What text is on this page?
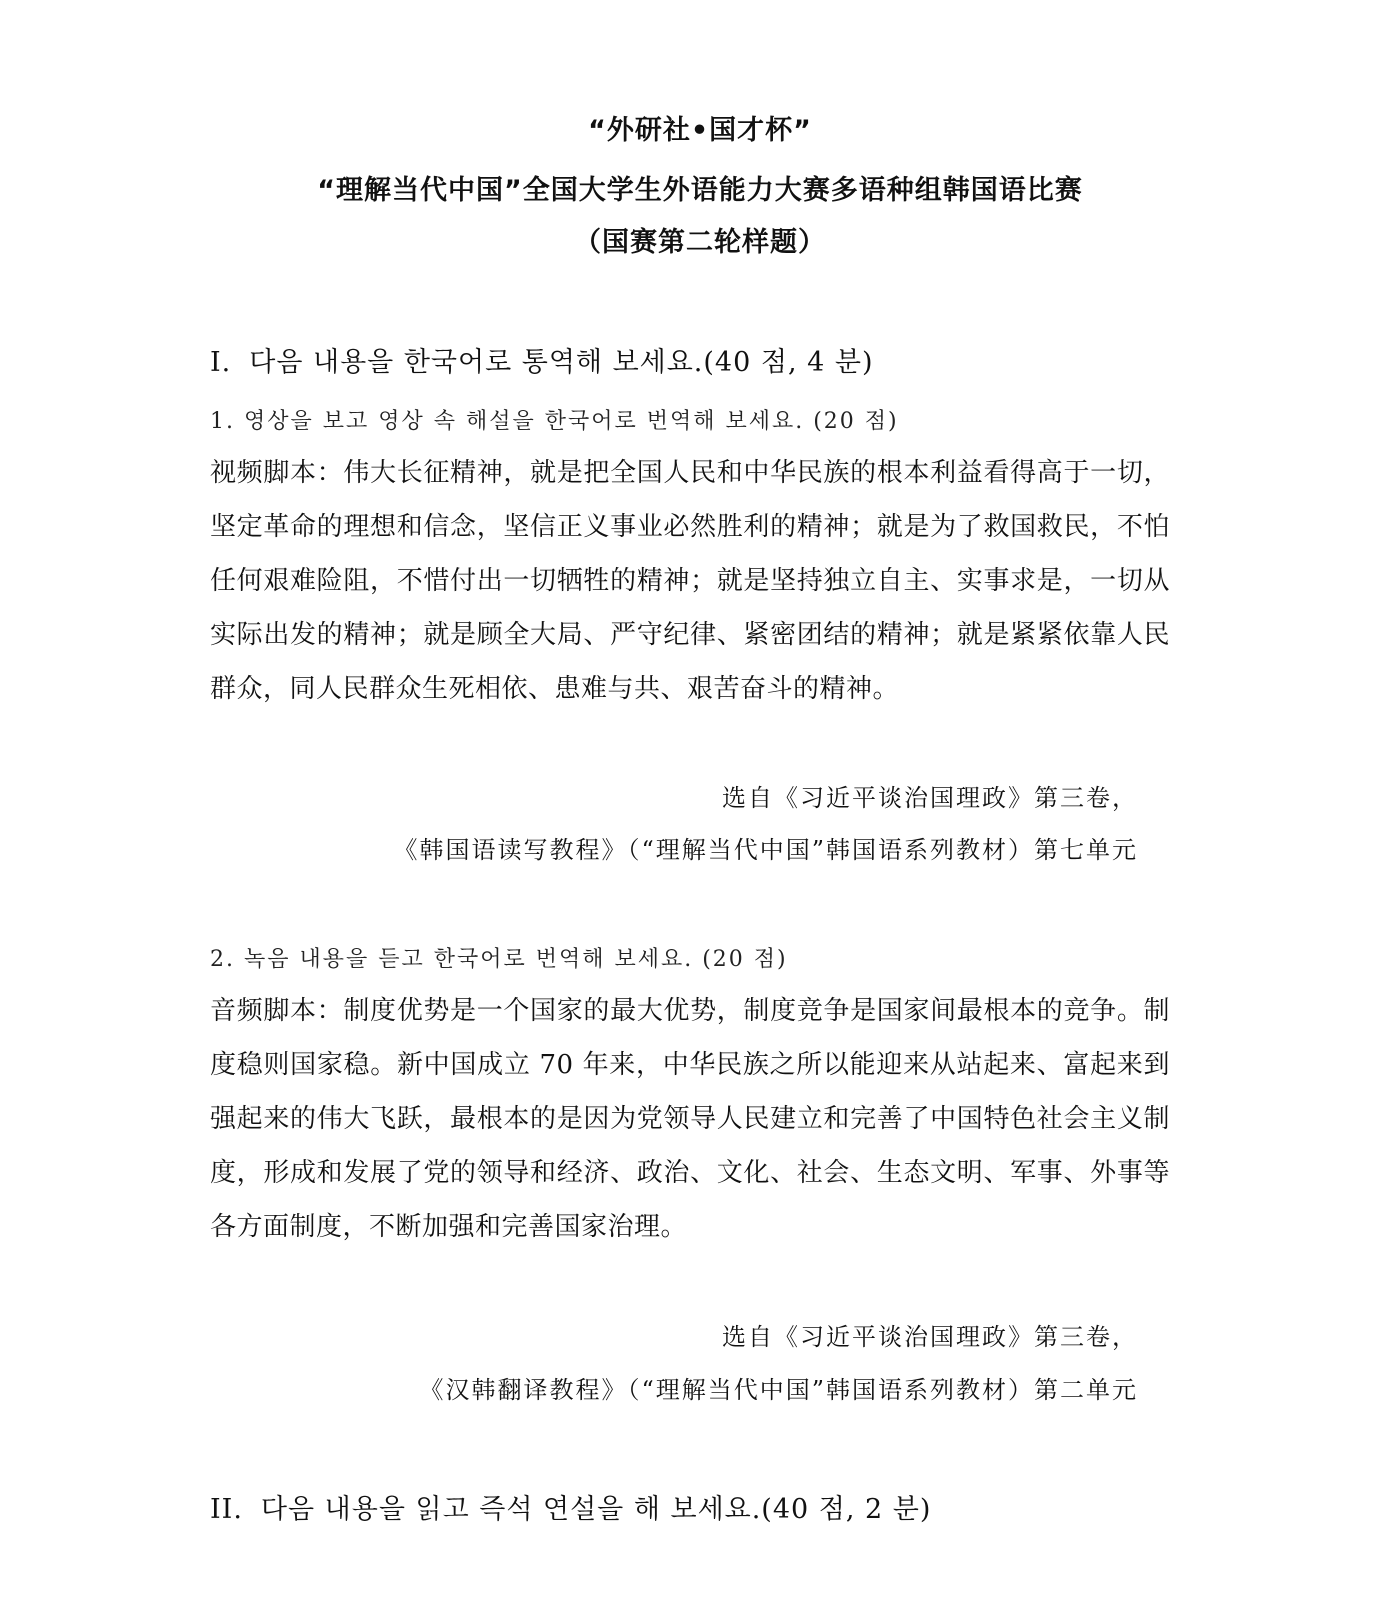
“外研社•国才杯”
“理解当代中国”全国大学生外语能力大赛多语种组韩国语比赛
（国赛第二轮样题）
I. 다음 내용을 한국어로 통역해 보세요.(40 점, 4 분)
1. 영상을 보고 영상 속 해설을 한국어로 번역해 보세요. (20 점)
视频脚本：伟大长征精神，就是把全国人民和中华民族的根本利益看得高于一切，坚定革命的理想和信念，坚信正义事业必然胜利的精神；就是为了救国救民，不怕任何艰难险阻，不惜付出一切牺牲的精神；就是坚持独立自主、实事求是，一切从实际出发的精神；就是顾全大局、严守纪律、紧密团结的精神；就是紧紧依靠人民群众，同人民群众生死相依、患难与共、艰苦奋斗的精神。
选自《习近平谈治国理政》第三卷，
《韩国语读写教程》（“理解当代中国”韩国语系列教材）第七单元
2. 녹음 내용을 듣고 한국어로 번역해 보세요. (20 점)
音频脚本：制度优势是一个国家的最大优势，制度竞争是国家间最根本的竞争。制度稳则国家稳。新中国成立 70 年来，中华民族之所以能迎来从站起来、富起来到强起来的伟大飞跃，最根本的是因为党领导人民建立和完善了中国特色社会主义制度，形成和发展了党的领导和经济、政治、文化、社会、生态文明、军事、外事等各方面制度，不断加强和完善国家治理。
选自《习近平谈治国理政》第三卷，
《汉韩翻译教程》（“理解当代中国”韩国语系列教材）第二单元
II. 다음 내용을 읽고 즉석 연설을 해 보세요.(40 점, 2 분)
